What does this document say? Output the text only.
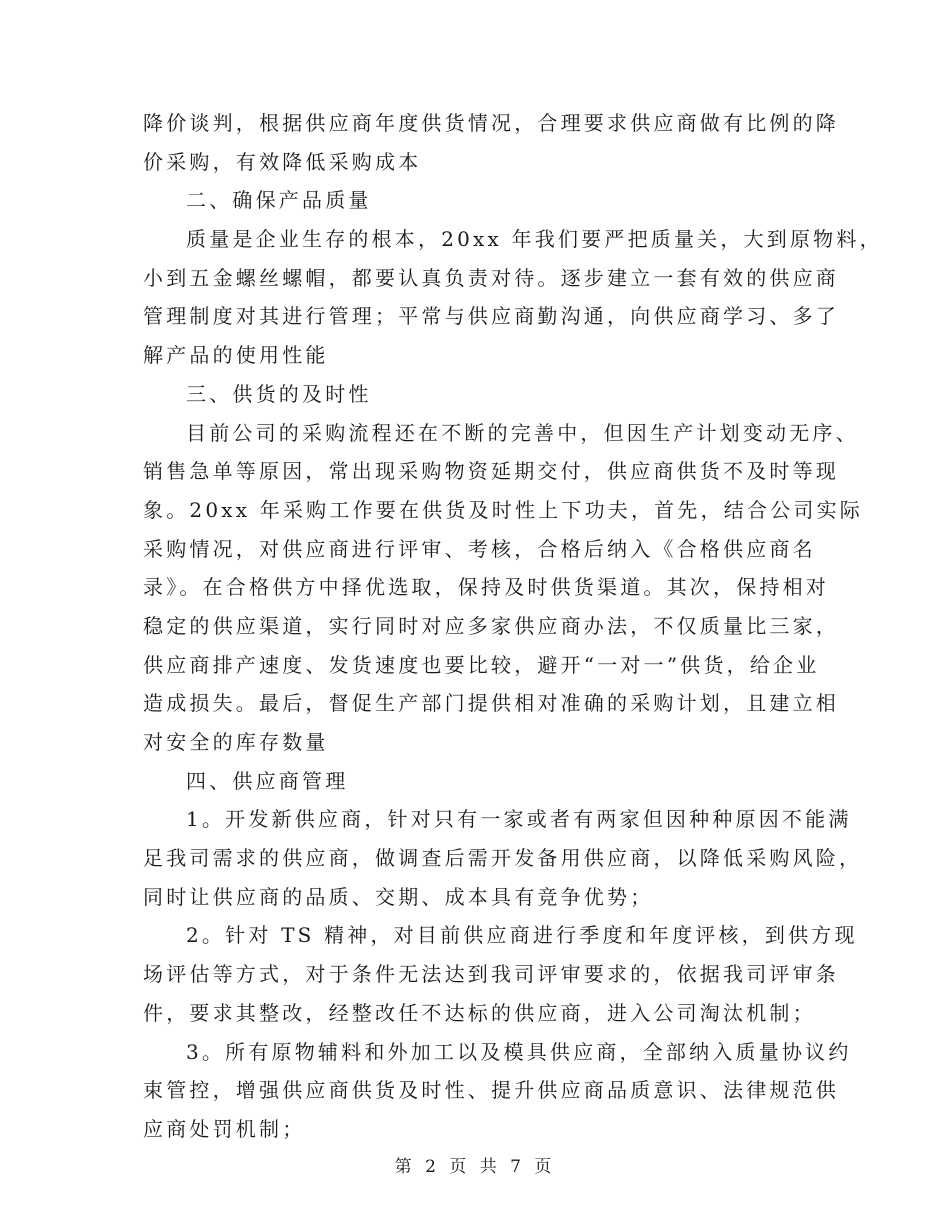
降价谈判，根据供应商年度供货情况，合理要求供应商做有比例的降
价采购，有效降低采购成本
二、确保产品质量
质量是企业生存的根本，20xx 年我们要严把质量关，大到原物料，
小到五金螺丝螺帽，都要认真负责对待。逐步建立一套有效的供应商
管理制度对其进行管理；平常与供应商勤沟通，向供应商学习、多了
解产品的使用性能
三、供货的及时性
目前公司的采购流程还在不断的完善中，但因生产计划变动无序、
销售急单等原因，常出现采购物资延期交付，供应商供货不及时等现
象。20xx 年采购工作要在供货及时性上下功夫，首先，结合公司实际
采购情况，对供应商进行评审、考核，合格后纳入《合格供应商名
录》。在合格供方中择优选取，保持及时供货渠道。其次，保持相对
稳定的供应渠道，实行同时对应多家供应商办法，不仅质量比三家，
供应商排产速度、发货速度也要比较，避开“一对一”供货，给企业
造成损失。最后，督促生产部门提供相对准确的采购计划，且建立相
对安全的库存数量
四、供应商管理
1。开发新供应商，针对只有一家或者有两家但因种种原因不能满
足我司需求的供应商，做调查后需开发备用供应商，以降低采购风险，
同时让供应商的品质、交期、成本具有竞争优势；
2。针对 TS 精神，对目前供应商进行季度和年度评核，到供方现
场评估等方式，对于条件无法达到我司评审要求的，依据我司评审条
件，要求其整改，经整改任不达标的供应商，进入公司淘汰机制；
3。所有原物辅料和外加工以及模具供应商，全部纳入质量协议约
束管控，增强供应商供货及时性、提升供应商品质意识、法律规范供
应商处罚机制；
第 2 页 共 7 页
